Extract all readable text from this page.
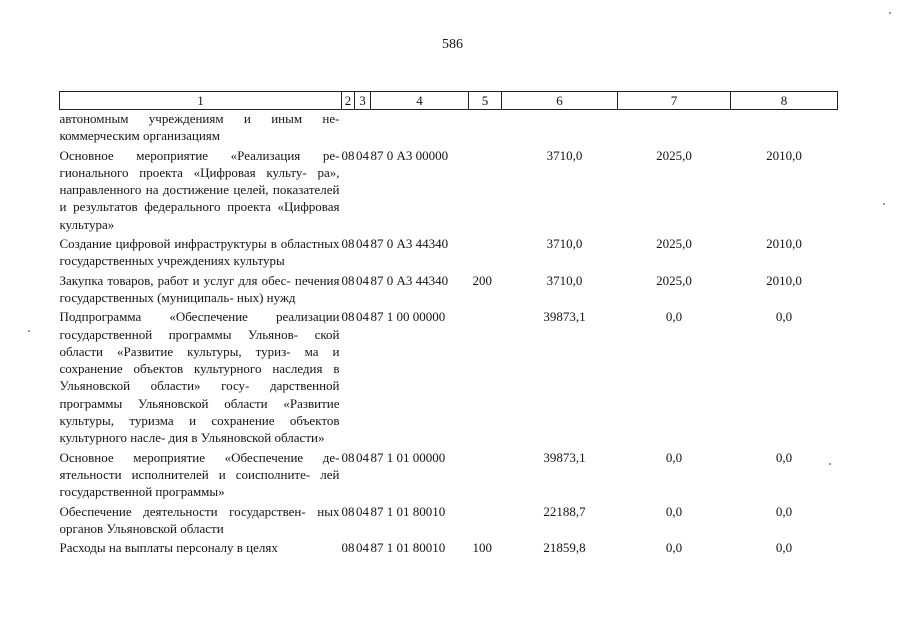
586
1	2	3	4	5	6	7	8
автономным учреждениям и иным не- коммерческим организациям							
Основное мероприятие «Реализация ре- гионального проекта «Цифровая культу- ра», направленного на достижение целей, показателей и результатов федерального проекта «Цифровая культура»	08	04	87 0 А3 00000		3710,0	2025,0	2010,0
Создание цифровой инфраструктуры в областных государственных учреждениях культуры	08	04	87 0 А3 44340		3710,0	2025,0	2010,0
Закупка товаров, работ и услуг для обес- печения государственных (муниципаль- ных) нужд	08	04	87 0 А3 44340	200	3710,0	2025,0	2010,0
Подпрограмма «Обеспечение реализации государственной программы Ульянов- ской области «Развитие культуры, туриз- ма и сохранение объектов культурного наследия в Ульяновской области» госу- дарственной программы Ульяновской области «Развитие культуры, туризма и сохранение объектов культурного насле- дия в Ульяновской области»	08	04	87 1 00 00000		39873,1	0,0	0,0
Основное мероприятие «Обеспечение де- ятельности исполнителей и соисполните- лей государственной программы»	08	04	87 1 01 00000		39873,1	0,0	0,0
Обеспечение деятельности государствен- ных органов Ульяновской области	08	04	87 1 01 80010		22188,7	0,0	0,0
Расходы на выплаты персоналу в целях	08	04	87 1 01 80010	100	21859,8	0,0	0,0
